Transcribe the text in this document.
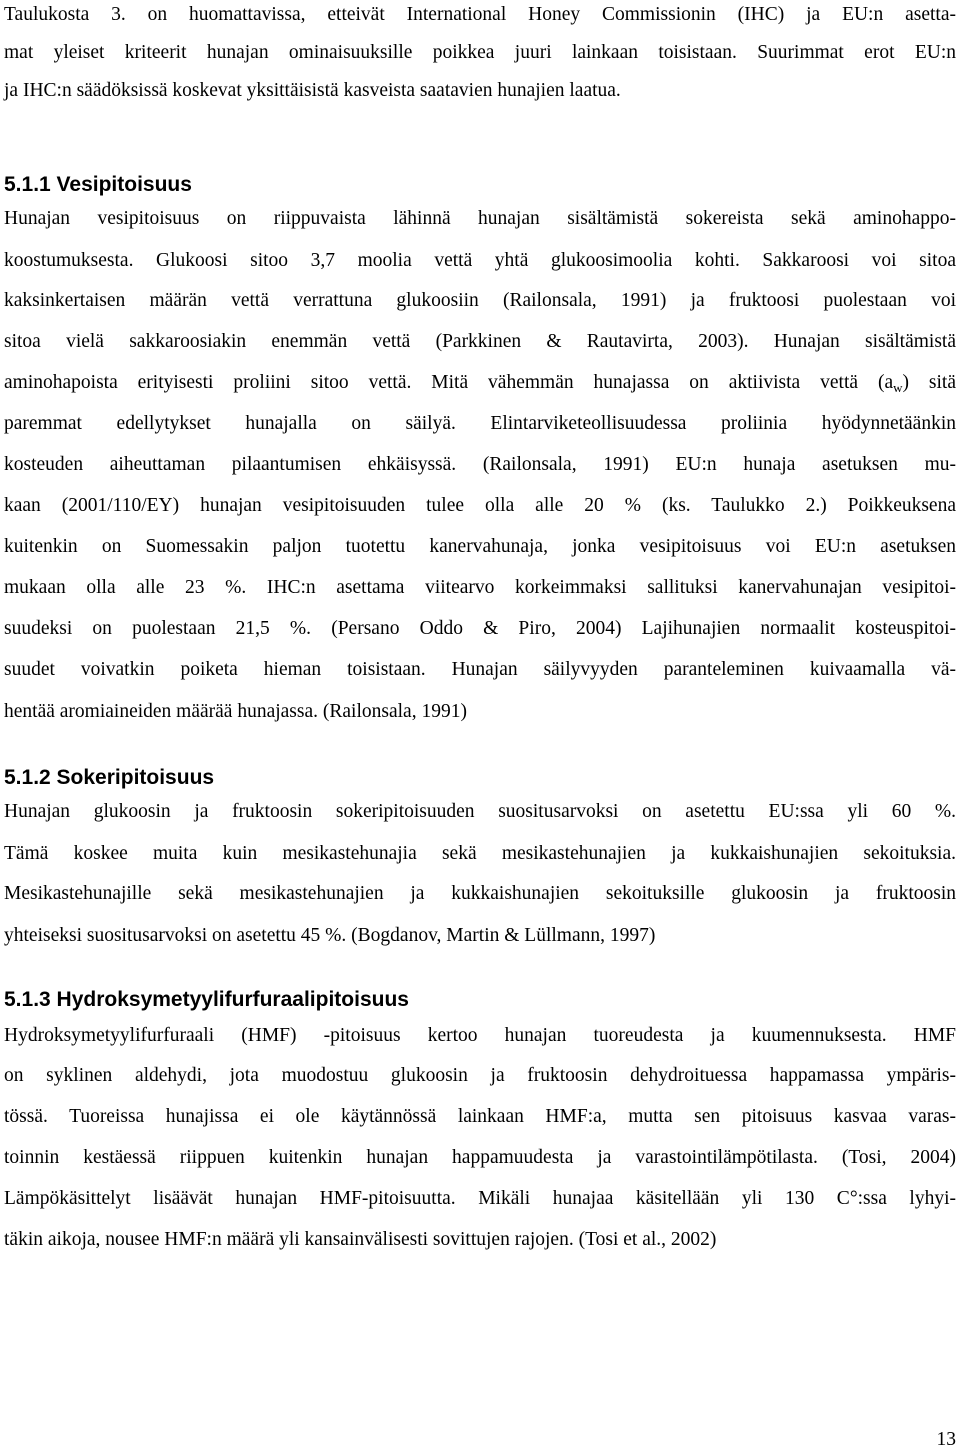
Taulukosta 3. on huomattavissa, etteivät International Honey Commissionin (IHC) ja EU:n asetta-

mat yleiset kriteerit hunajan ominaisuuksille poikkea juuri lainkaan toisistaan. Suurimmat erot EU:n

ja IHC:n säädöksissä koskevat yksittäisistä kasveista saatavien hunajien laatua.

5.1.1 Vesipitoisuus

Hunajan vesipitoisuus on riippuvaista lähinnä hunajan sisältämistä sokereista sekä aminohappo-

koostumuksesta. Glukoosi sitoo 3,7 moolia vettä yhtä glukoosimoolia kohti. Sakkaroosi voi sitoa

kaksinkertaisen määrän vettä verrattuna glukoosiin (Railonsala, 1991) ja fruktoosi puolestaan voi

sitoa vielä sakkaroosiakin enemmän vettä (Parkkinen & Rautavirta, 2003). Hunajan sisältämistä

aminohapoista erityisesti proliini sitoo vettä. Mitä vähemmän hunajassa on aktiivista vettä $(a_w)$ sitä

paremmat edellytykset hunajalla on säilyä. Elintarviketeollisuudessa proliinia hyödynnetäänkin

kosteuden aiheuttaman pilaantumisen ehkäisyssä. (Railonsala, 1991) EU:n hunaja asetuksen mu-

kaan (2001/110/EY) hunajan vesipitoisuuden tulee olla alle 20 % (ks. Taulukko 2.) Poikkeuksena

kuitenkin on Suomessakin paljon tuotettu kanervahunaja, jonka vesipitoisuus voi EU:n asetuksen

mukaan olla alle 23 %. IHC:n asettama viitearvo korkeimmaksi sallituksi kanervahunajan vesipitoi-

suudeksi on puolestaan 21,5 %. (Persano Oddo & Piro, 2004) Lajihunajien normaalit kosteuspitoi-

suudet voivatkin poiketa hieman toisistaan. Hunajan säilyvyyden paranteleminen kuivaamalla vä-

hentää aromiaineiden määrää hunajassa. (Railonsala, 1991)

5.1.2 Sokeripitoisuus

Hunajan glukoosin ja fruktoosin sokeripitoisuuden suositusarvoksi on asetettu EU:ssa yli 60 %.

Tämä koskee muita kuin mesikastehunajia sekä mesikastehunajien ja kukkaishunajien sekoituksia.

Mesikastehunajille sekä mesikastehunajien ja kukkaishunajien sekoituksille glukoosin ja fruktoosin

yhteiseksi suositusarvoksi on asetettu 45 %. (Bogdanov, Martin & Lüllmann, 1997)

5.1.3 Hydroksymetyylifurfuraalipitoisuus

Hydroksymetyylifurfuraali (HMF) -pitoisuus kertoo hunajan tuoreudesta ja kuumennuksesta. HMF

on syklinen aldehydi, jota muodostuu glukoosin ja fruktoosin dehydroituessa happamassa ympäris-

tössä. Tuoreissa hunajissa ei ole käytännössä lainkaan HMF:a, mutta sen pitoisuus kasvaa varas-

toinnin kestäessä riippuen kuitenkin hunajan happamuudesta ja varastointilämpötilasta. (Tosi, 2004)

Lämpökäsittelyt lisäävät hunajan HMF-pitoisuutta. Mikäli hunajaa käsitellään yli 130 C°:ssa lyhyi-

täkin aikoja, nousee HMF:n määrä yli kansainvälisesti sovittujen rajojen. (Tosi et al., 2002)

13
